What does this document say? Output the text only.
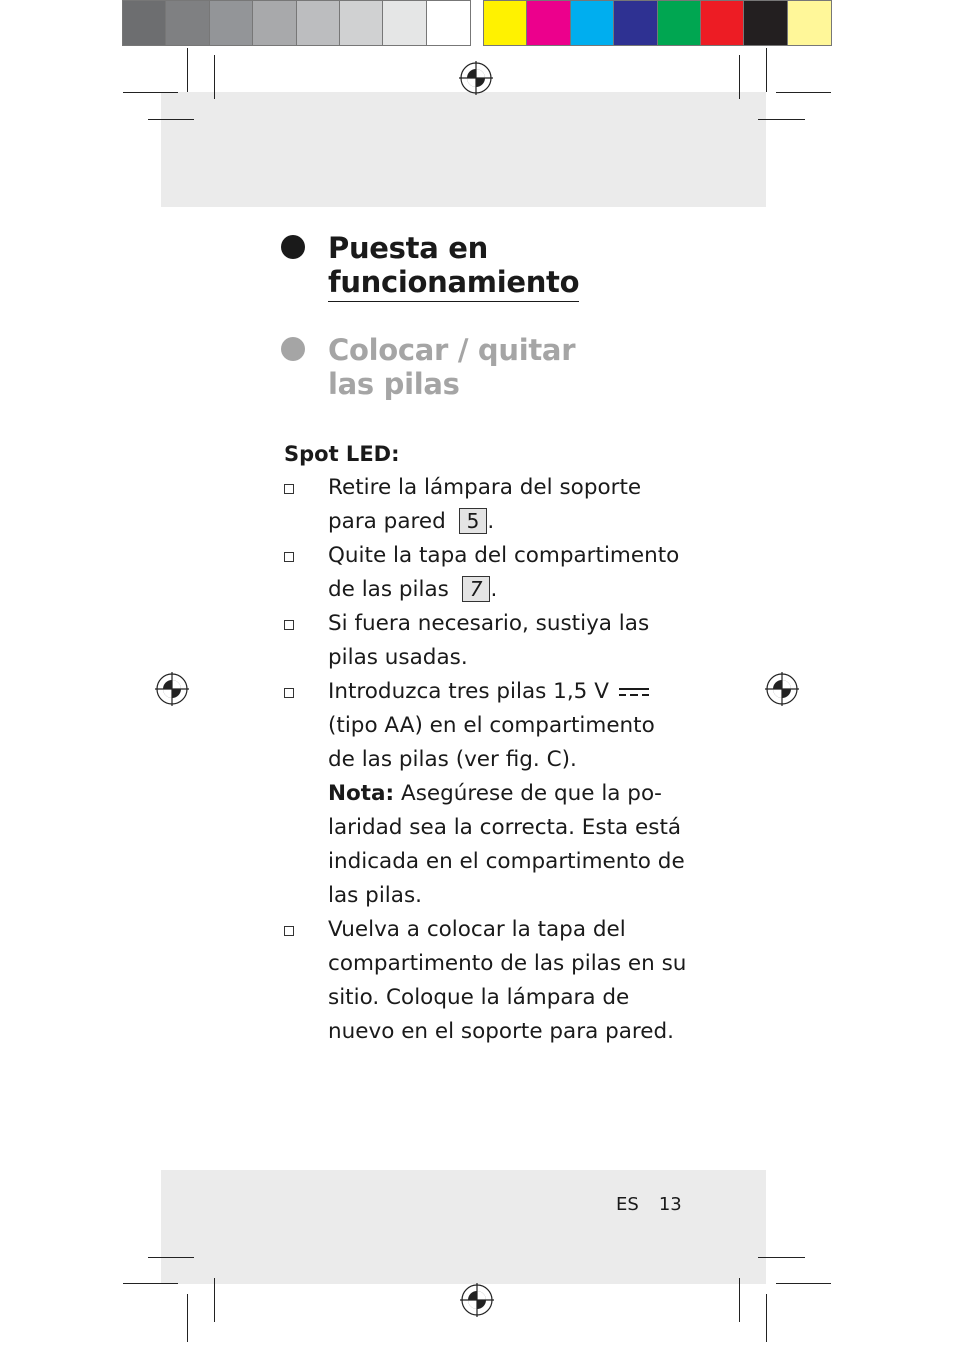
Puesta en
funcionamiento
Colocar / quitar
las pilas
Spot LED:
Retire la lámpara del soporte para pared 5 .
Quite la tapa del compartimento de las pilas 7 .
Si fuera necesario, sustiya las pilas usadas.
Introduzca tres pilas 1,5 V  (tipo AA) en el compartimento de las pilas (ver fig. C).
Nota: Asegúrese de que la polaridad sea la correcta. Esta está indicada en el compartimento de las pilas.
Vuelva a colocar la tapa del compartimento de las pilas en su sitio. Coloque la lámpara de nuevo en el soporte para pared.
ES 13
